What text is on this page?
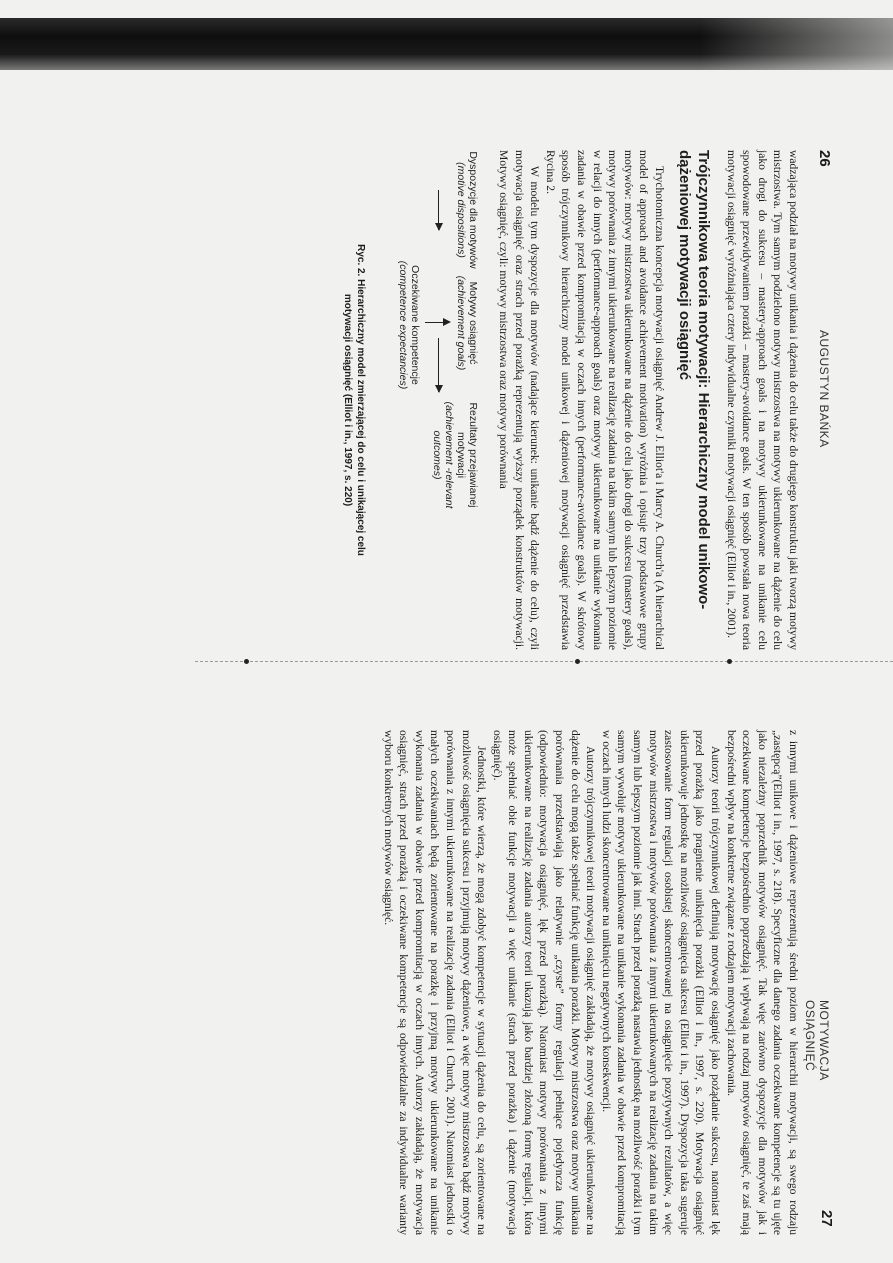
26
AUGUSTYN BAŃKA

wadzająca podział na motywy unikania i dążenia do celu także do drugiego konstruktu jaki tworzą motywy mistrzostwa. Tym samym podzielono motywy mistrzostwa na motywy ukierunkowane na dążenie do celu jako drogi do sukcesu – mastery-approach goals i na motywy ukierunkowane na unikanie celu spowodowane przewidywaniem porażki – mastery-avoidance goals. W ten sposób powstała nowa teoria motywacji osiągnięć wyróżniająca cztery indywidualne czynniki motywacji osiągnięć (Elliot i in., 2001).

Trójczynnikowa teoria motywacji: Hierarchiczny model unikowo-dążeniowej motywacji osiągnięć

Trychotomiczna koncepcja motywacji osiągnięć Andrew J. Elliot'a i Marcy A. Church'a (A hierarchical model of approach and avoidance achievement motivation) wyróżnia i opisuje trzy podstawowe grupy motywów: motywy mistrzostwa ukierunkowane na dążenie do celu jako drogi do sukcesu (mastery goals), motywy porównania z innymi ukierunkowane na realizację zadania na takim samym lub lepszym poziomie w relacji do innych (performance-approach goals) oraz motywy ukierunkowane na unikanie wykonania zadania w obawie przed kompromitacją w oczach innych (performance-avoidance goals). W skrótowy sposób trójczynnikowy hierarchiczny model unikowej i dążeniowej motywacji osiągnięć przedstawia Rycina 2.

W modelu tym dyspozycje dla motywów (nadające kierunek: unikanie bądź dążenie do celu), czyli motywacja osiągnięć oraz strach przed porażką reprezentują wyższy porządek konstruktów motywacji. Motywy osiągnięć, czyli: motywy mistrzostwa oraz motywy porównania

Dyspozycje dla motywów
(motive dispositions)
Motywy osiągnięć
(achievement goals)
Rezultaty przejawianej
motywacji
(achievement -relevant
outcomes)
Oczekiwane kompetencje
(competence expectancies)
Ryc. 2. Hierarchiczny model zmierzającej do celu i unikającej celu
motywacji osiągnięć (Elliot i in., 1997, s. 220)
27
MOTYWACJA OSIĄGNIĘĆ

z innymi unikowe i dążeniowe reprezentują średni poziom w hierarchii motywacji, są swego rodzaju „zastępcą”(Elliot i in., 1997, s. 218). Specyficzne dla danego zadania oczekiwane kompetencje są tu ujęte jako niezależny poprzednik motywów osiągnięć. Tak więc zarówno dyspozycje dla motywów jak i oczekiwane kompetencje bezpośrednio poprzedzają i wpływają na rodzaj motywów osiągnięć, te zaś mają bezpośredni wpływ na konkretne związane z rodzajem motywacji zachowania.

Autorzy teorii trójczynnikowej definiują motywację osiągnięć jako pożądanie sukcesu, natomiast lęk przed porażką jako pragnienie uniknięcia porażki (Elliot i in., 1997, s. 220). Motywacja osiągnięć ukierunkowuje jednostkę na możliwość osiągnięcia sukcesu (Elliot i in., 1997). Dyspozycja taka sugeruje zastosowanie form regulacji osobistej skoncentrowanej na osiągnięcie pozytywnych rezultatów, a więc motywów mistrzostwa i motywów porównania z innymi ukierunkowanych na realizację zadania na takim samym lub lepszym poziomie jak inni. Strach przed porażką nastawia jednostkę na możliwość porażki i tym samym wywołuje motywy ukierunkowane na unikanie wykonania zadania w obawie przed kompromitacją w oczach innych ludzi skoncentrowane na uniknięciu negatywnych konsekwencji.

Autorzy trójczynnikowej teorii motywacji osiągnięć zakładają, że motywy osiągnięć ukierunkowane na dążenie do celu mogą także spełniać funkcję unikania porażki. Motywy mistrzostwa oraz motywy unikania porównania przedstawiają jako relatywnie „czyste” formy regulacji pełniące pojedyncza funkcję (odpowiednio: motywacja osiągnięć, lęk przed porażką). Natomiast motywy porównania z innymi ukierunkowane na realizację zadania autorzy teorii ukazują jako bardziej złożoną formę regulacji, która może spełniać obie funkcje motywacji a więc unikanie (strach przed porażka) i dążenie (motywacja osiągnięć).

Jednostki, które wierzą, że mogą zdobyć kompetencje w sytuacji dążenia do celu, są zorientowane na możliwość osiągnięcia sukcesu i przyjmują motywy dążeniowe, a więc motywy mistrzostwa bądź motywy porównania z innymi ukierunkowane na realizację zadania (Elliot i Church, 2001). Natomiast jednostki o małych oczekiwaniach będą zorientowane na porażkę i przyjmą motywy ukierunkowane na unikanie wykonania zadania w obawie przed kompromitacją w oczach innych. Autorzy zakładają, że motywacja osiągnięć, strach przed porażką i oczekiwane kompetencje są odpowiedzialne za indywidualne warianty wyboru konkretnych motywów osiągnięć.
